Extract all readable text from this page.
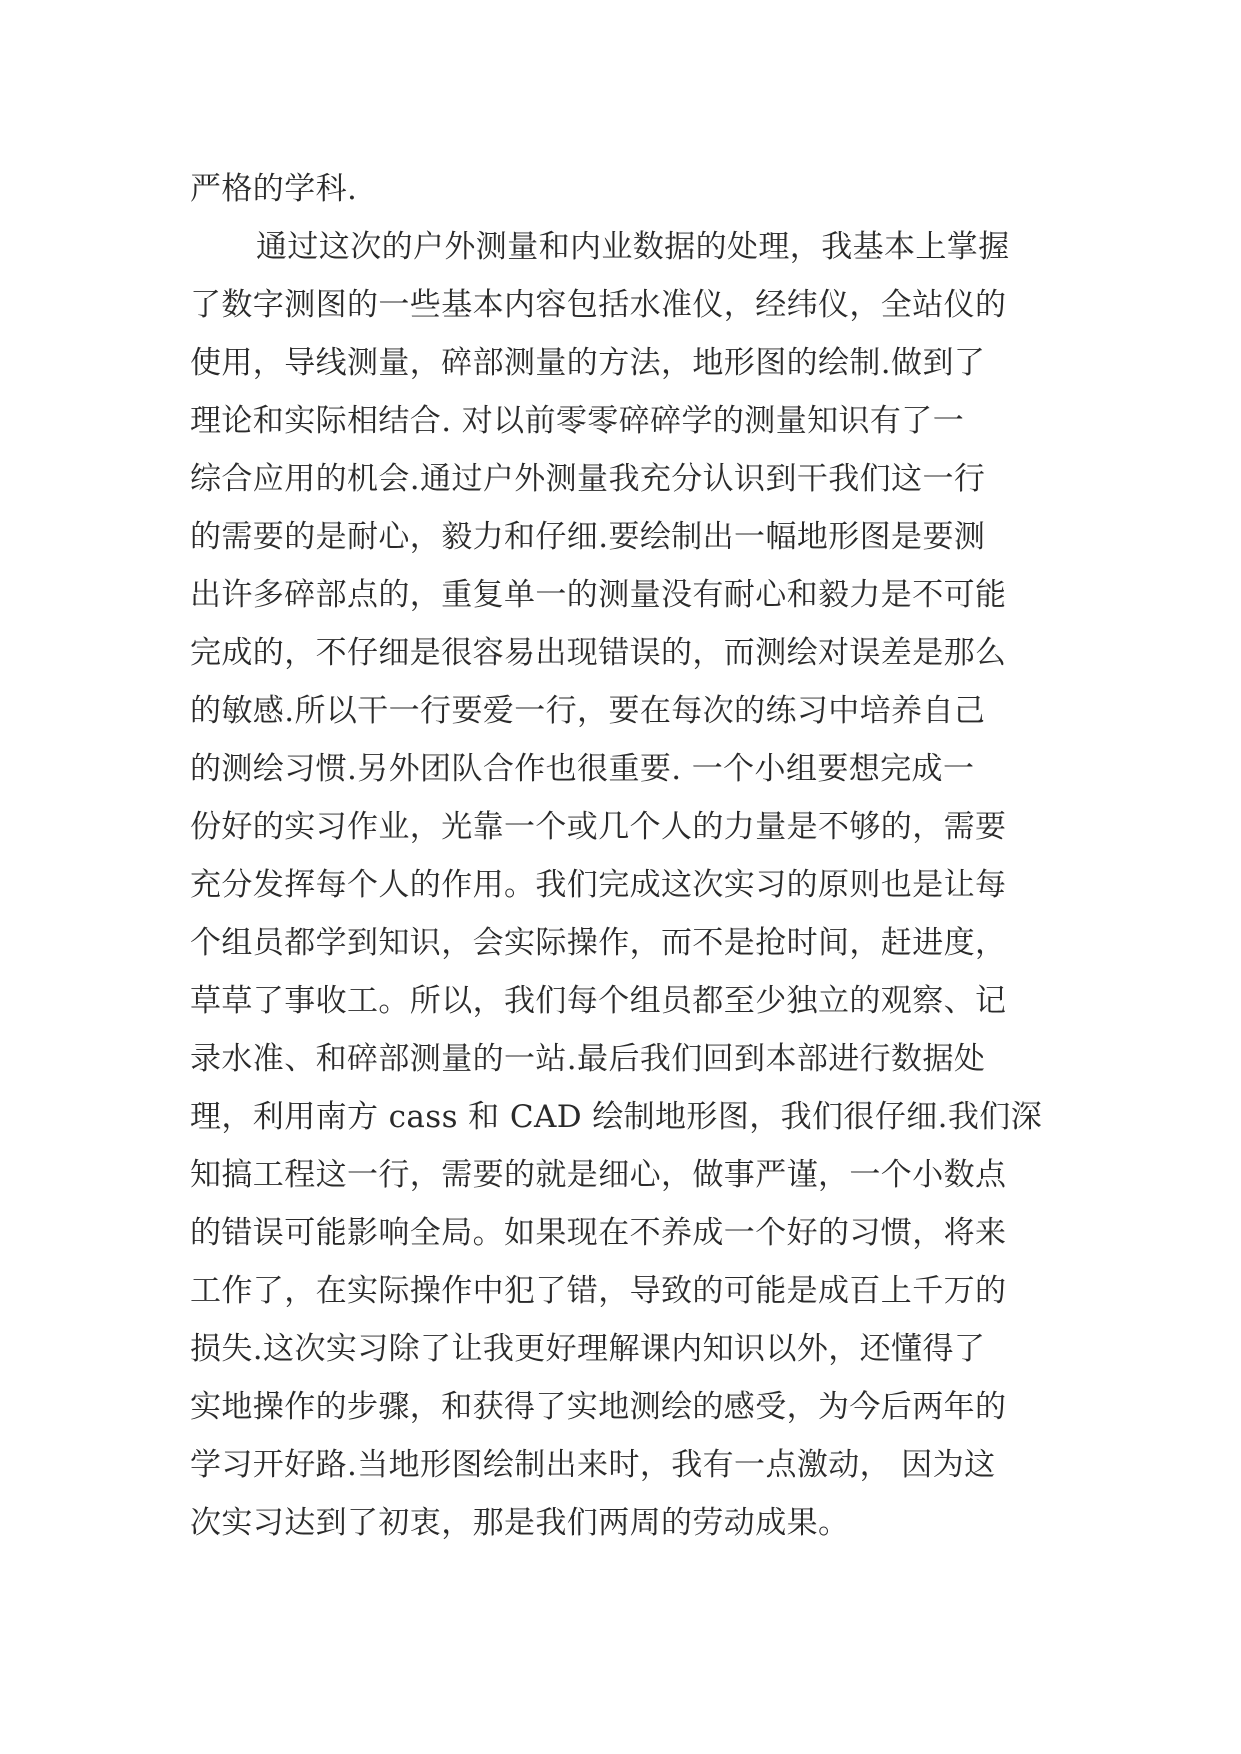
严格的学科.
通过这次的户外测量和内业数据的处理，我基本上掌握
了数字测图的一些基本内容包括水准仪，经纬仪，全站仪的
使用，导线测量，碎部测量的方法，地形图的绘制.做到了
理论和实际相结合. 对以前零零碎碎学的测量知识有了一
综合应用的机会.通过户外测量我充分认识到干我们这一行
的需要的是耐心，毅力和仔细.要绘制出一幅地形图是要测
出许多碎部点的，重复单一的测量没有耐心和毅力是不可能
完成的，不仔细是很容易出现错误的，而测绘对误差是那么
的敏感.所以干一行要爱一行，要在每次的练习中培养自己
的测绘习惯.另外团队合作也很重要. 一个小组要想完成一
份好的实习作业，光靠一个或几个人的力量是不够的，需要
充分发挥每个人的作用。我们完成这次实习的原则也是让每
个组员都学到知识，会实际操作，而不是抢时间，赶进度，
草草了事收工。所以，我们每个组员都至少独立的观察、记
录水准、和碎部测量的一站.最后我们回到本部进行数据处
理，利用南方 cass 和 CAD 绘制地形图，我们很仔细.我们深
知搞工程这一行，需要的就是细心，做事严谨，一个小数点
的错误可能影响全局。如果现在不养成一个好的习惯，将来
工作了，在实际操作中犯了错，导致的可能是成百上千万的
损失.这次实习除了让我更好理解课内知识以外，还懂得了
实地操作的步骤，和获得了实地测绘的感受，为今后两年的
学习开好路.当地形图绘制出来时，我有一点激动， 因为这
次实习达到了初衷，那是我们两周的劳动成果。
